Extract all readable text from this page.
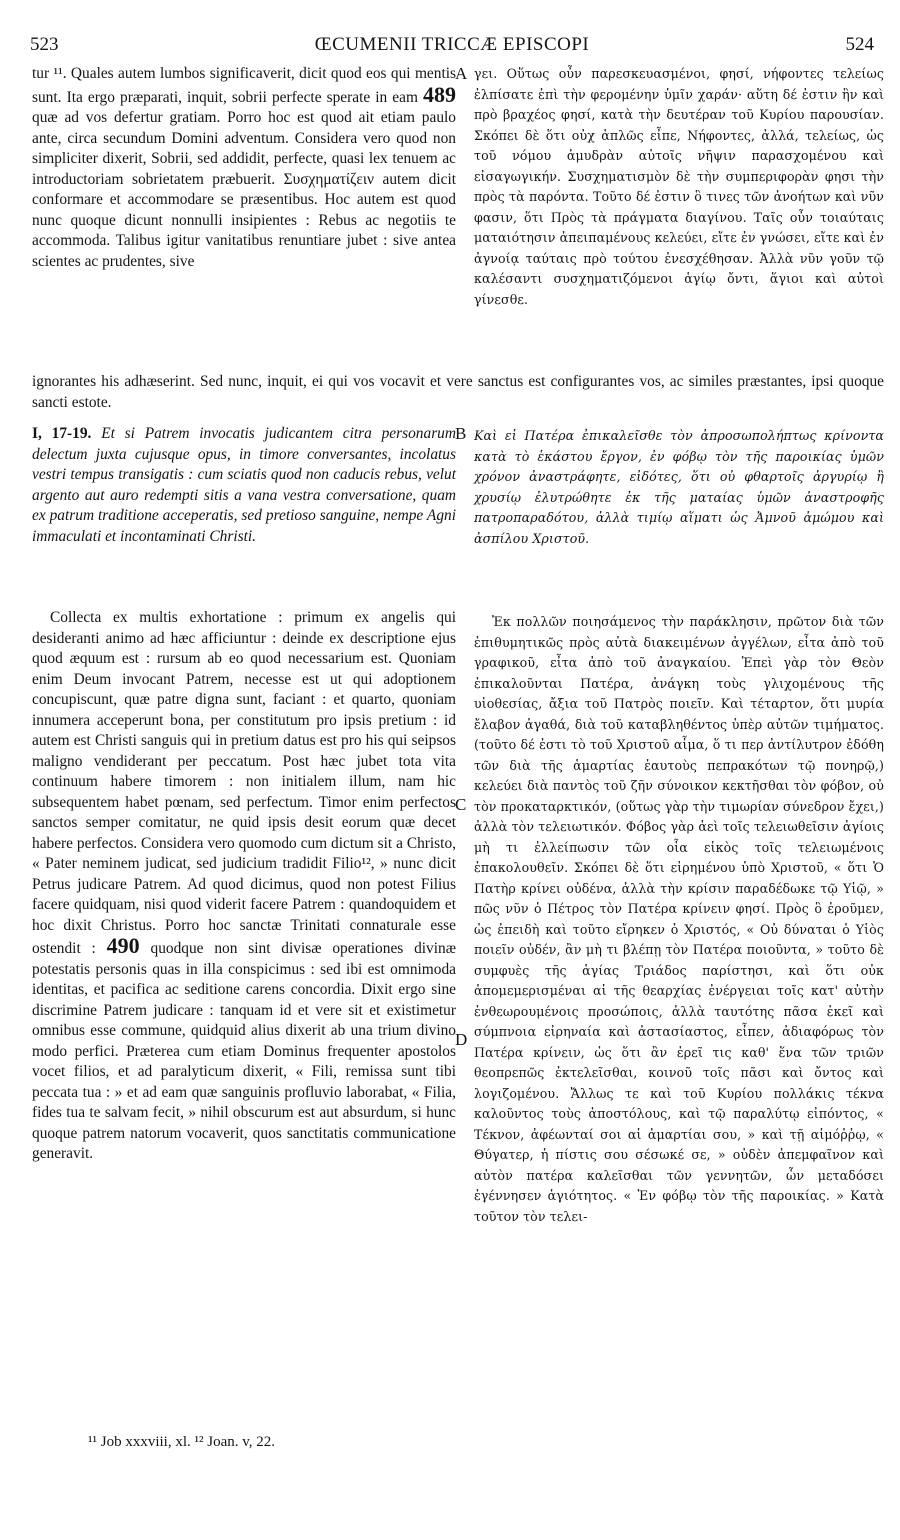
523	ŒCUMENII TRICCÆ EPISCOPI	524

tur ¹¹. Quales autem lumbos significaverit, dicit quod eos qui mentis sunt. Ita ergo præparati, inquit, sobrii perfecte sperate in eam 489 quæ ad vos defertur gratiam. Porro hoc est quod ait etiam paulo ante, circa secundum Domini adventum. Considera vero quod non simpliciter dixerit, Sobrii, sed addidit, perfecte, quasi lex tenuem ac introductoriam sobrietatem præbuerit. Συσχηματίζειν autem dicit conformare et accommodare se præsentibus. Hoc autem est quod nunc quoque dicunt nonnulli insipientes : Rebus ac negotiis te accommoda. Talibus igitur vanitatibus renuntiare jubet : sive antea scientes ac prudentes, sive

A γει. Οὕτως οὖν παρεσκευασμένοι, φησί, νήφοντες τελείως ἐλπίσατε ἐπὶ τὴν φερομένην ὑμῖν χαράν· αὕτη δέ ἐστιν ἣν καὶ πρὸ βραχέος φησί, κατὰ τὴν δευτέραν τοῦ Κυρίου παρουσίαν. Σκόπει δὲ ὅτι οὐχ ἁπλῶς εἶπε, Νήφοντες, ἀλλά, τελείως, ὡς τοῦ νόμου ἀμυδρὰν αὐτοῖς νῆψιν παρασχομένου καὶ εἰσαγωγικήν. Συσχηματισμὸν δὲ τὴν συμπεριφορὰν φησι τὴν πρὸς τὰ παρόντα. Τοῦτο δέ ἐστιν ὃ τινες τῶν ἀνοήτων καὶ νῦν φασιν, ὅτι Πρὸς τὰ πράγματα διαγίνου. Ταῖς οὖν τοιαύταις ματαιότησιν ἀπειπαμένους κελεύει, εἴτε ἐν γνώσει, εἴτε καὶ ἐν ἀγνοίᾳ ταύταις πρὸ τούτου ἐνεσχέθησαν. Ἀλλὰ νῦν γοῦν τῷ καλέσαντι συσχηματιζόμενοι ἁγίῳ ὄντι, ἅγιοι καὶ αὐτοὶ γίνεσθε.

ignorantes his adhæserint. Sed nunc, inquit, ei qui vos vocavit et vere sanctus est configurantes vos, ac similes præstantes, ipsi quoque sancti estote.

I, 17-19. Et si Patrem invocatis judicantem citra personarum delectum juxta cujusque opus, in timore conversantes, incolatus vestri tempus transigatis : cum sciatis quod non caducis rebus, velut argento aut auro redempti sitis a vana vestra conversatione, quam ex patrum traditione acceperatis, sed pretioso sanguine, nempe Agni immaculati et incontaminati Christi.

B Καὶ εἰ Πατέρα ἐπικαλεῖσθε τὸν ἀπροσωπολήπτως κρίνοντα κατὰ τὸ ἑκάστου ἔργον, ἐν φόβῳ τὸν τῆς παροικίας ὑμῶν χρόνον ἀναστράφητε, εἰδότες, ὅτι οὐ φθαρτοῖς ἀργυρίῳ ἢ χρυσίῳ ἐλυτρώθητε ἐκ τῆς ματαίας ὑμῶν ἀναστροφῆς πατροπαραδότου, ἀλλὰ τιμίῳ αἵματι ὡς Ἀμνοῦ ἀμώμου καὶ ἀσπίλου Χριστοῦ.

Collecta ex multis exhortatione : primum ex angelis qui desideranti animo ad hæc afficiuntur : deinde ex descriptione ejus quod æquum est : rursum ab eo quod necessarium est. Quoniam enim Deum invocant Patrem, necesse est ut qui adoptionem concupiscunt, quæ patre digna sunt, faciant : et quarto, quoniam innumera acceperunt bona, per constitutum pro ipsis pretium : id autem est Christi sanguis qui in pretium datus est pro his qui seipsos maligno vendiderant per peccatum. Post hæc jubet tota vita continuum habere timorem : non initialem illum, nam hic subsequentem habet pœnam, sed perfectum. Timor enim perfectos sanctos semper comitatur, ne quid ipsis desit eorum quæ decet habere perfectos. Considera vero quomodo cum dictum sit a Christo, « Pater neminem judicat, sed judicium tradidit Filio¹², » nunc dicit Petrus judicare Patrem. Ad quod dicimus, quod non potest Filius facere quidquam, nisi quod viderit facere Patrem : quandoquidem et hoc dixit Christus. Porro hoc sanctæ Trinitati connaturale esse ostendit : 490 quodque non sint divisæ operationes divinæ potestatis personis quas in illa conspicimus : sed ibi est omnimoda identitas, et pacifica ac seditione carens concordia. Dixit ergo sine discrimine Patrem judicare : tanquam id et vere sit et existimetur omnibus esse commune, quidquid alius dixerit ab una trium divino modo perfici. Præterea cum etiam Dominus frequenter apostolos vocet filios, et ad paralyticum dixerit, « Fili, remissa sunt tibi peccata tua : » et ad eam quæ sanguinis profluvio laborabat, « Filia, fides tua te salvam fecit, » nihil obscurum est aut absurdum, si hunc quoque patrem natorum vocaverit, quos sanctitatis communicatione generavit.

C
D

Ἐκ πολλῶν ποιησάμενος τὴν παράκλησιν, πρῶτον διὰ τῶν ἐπιθυμητικῶς πρὸς αὐτὰ διακειμένων ἀγγέλων, εἶτα ἀπὸ τοῦ γραφικοῦ, εἶτα ἀπὸ τοῦ ἀναγκαίου. Ἐπεὶ γὰρ τὸν Θεὸν ἐπικαλοῦνται Πατέρα, ἀνάγκη τοὺς γλιχομένους τῆς υἱοθεσίας, ἄξια τοῦ Πατρὸς ποιεῖν. Καὶ τέταρτον, ὅτι μυρία ἔλαβον ἀγαθά, διὰ τοῦ καταβληθέντος ὑπὲρ αὐτῶν τιμήματος. (τοῦτο δέ ἐστι τὸ τοῦ Χριστοῦ αἷμα, ὅ τι περ ἀντίλυτρον ἐδόθη τῶν διὰ τῆς ἁμαρτίας ἑαυτοὺς πεπρακότων τῷ πονηρῷ,) κελεύει διὰ παντὸς τοῦ ζῆν σύνοικον κεκτῆσθαι τὸν φόβον, οὐ τὸν προκαταρκτικόν, (οὕτως γὰρ τὴν τιμωρίαν σύνεδρον ἔχει,) ἀλλὰ τὸν τελειωτικόν. Φόβος γὰρ ἀεὶ τοῖς τελειωθεῖσιν ἁγίοις μὴ τι ἐλλείπωσιν τῶν οἷα εἰκὸς τοῖς τελειωμένοις ἐπακολουθεῖν. Σκόπει δὲ ὅτι εἰρημένου ὑπὸ Χριστοῦ, « ὅτι Ὁ Πατὴρ κρίνει οὐδένα, ἀλλὰ τὴν κρίσιν παραδέδωκε τῷ Υἱῷ, » πῶς νῦν ὁ Πέτρος τὸν Πατέρα κρίνειν φησί. Πρὸς ὃ ἐροῦμεν, ὡς ἐπειδὴ καὶ τοῦτο εἴρηκεν ὁ Χριστός, « Οὐ δύναται ὁ Υἱὸς ποιεῖν οὐδέν, ἂν μὴ τι βλέπῃ τὸν Πατέρα ποιοῦντα, » τοῦτο δὲ συμφυὲς τῆς ἁγίας Τριάδος παρίστησι, καὶ ὅτι οὐκ ἀπομεμερισμέναι αἱ τῆς θεαρχίας ἐνέργειαι τοῖς κατ' αὐτὴν ἐνθεωρουμένοις προσώποις, ἀλλὰ ταυτότης πᾶσα ἐκεῖ καὶ σύμπνοια εἰρηναία καὶ ἀστασίαστος, εἶπεν, ἀδιαφόρως τὸν Πατέρα κρίνειν, ὡς ὅτι ἂν ἐρεῖ τις καθ' ἕνα τῶν τριῶν θεοπρεπῶς ἐκτελεῖσθαι, κοινοῦ τοῖς πᾶσι καὶ ὄντος καὶ λογιζομένου. Ἄλλως τε καὶ τοῦ Κυρίου πολλάκις τέκνα καλοῦντος τοὺς ἀποστόλους, καὶ τῷ παραλύτῳ εἰπόντος, « Τέκνον, ἀφέωνταί σοι αἱ ἁμαρτίαι σου, » καὶ τῇ αἱμόῤῥῳ, « Θύγατερ, ἡ πίστις σου σέσωκέ σε, » οὐδὲν ἀπεμφαῖνον καὶ αὐτὸν πατέρα καλεῖσθαι τῶν γεννητῶν, ὧν μεταδόσει ἐγέννησεν ἁγιότητος. « Ἐν φόβῳ τὸν τῆς παροικίας. » Κατὰ τοῦτον τὸν τελει-

¹¹ Job xxxviii, xl. ¹² Joan. v, 22.
